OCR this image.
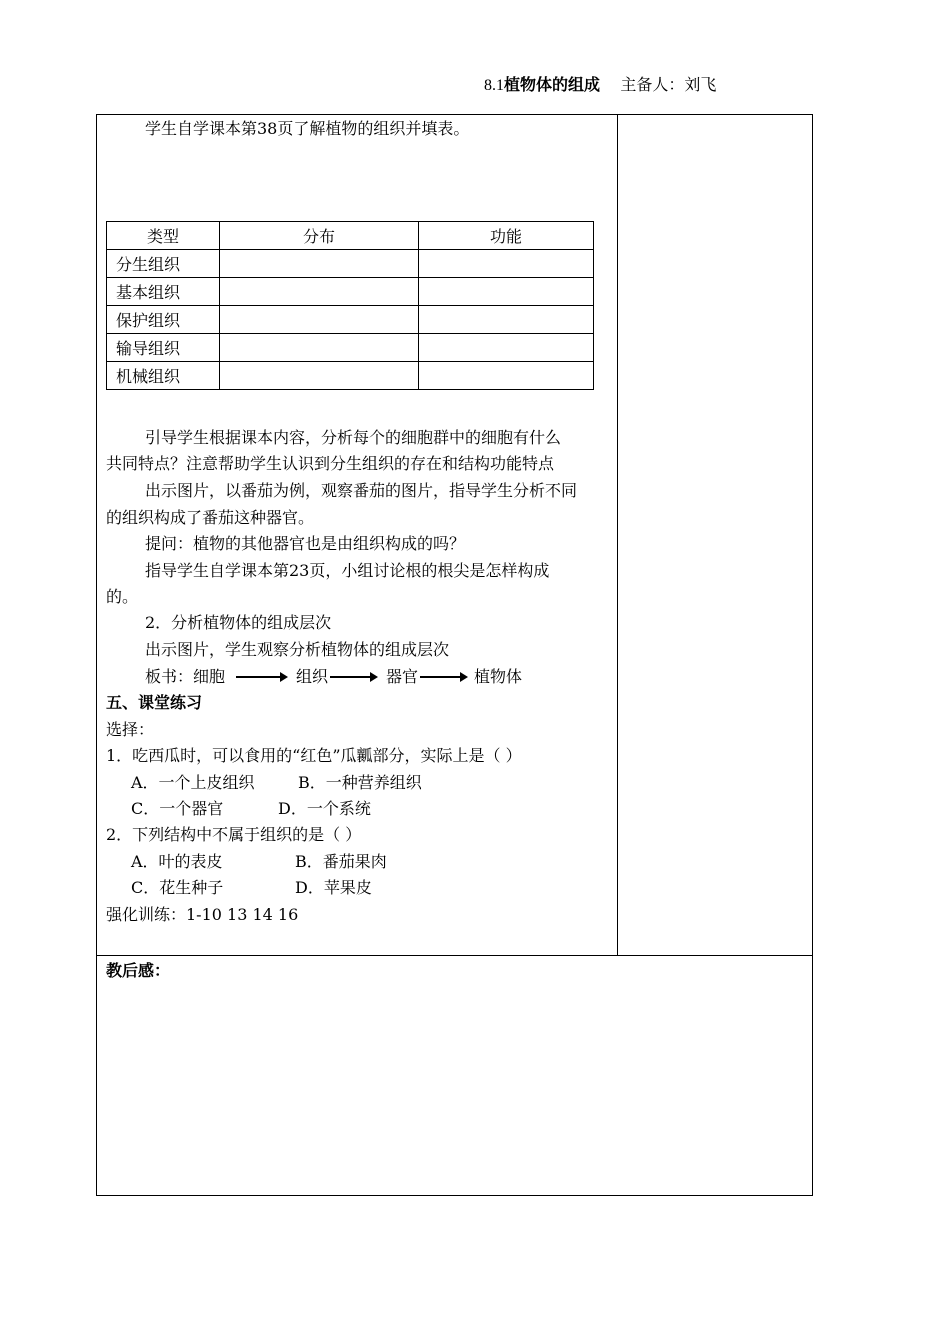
8.1植物体的组成 主备人：刘飞
学生自学课本第38页了解植物的组织并填表。
类型	分布	功能
分生组织		
基本组织		
保护组织		
输导组织		
机械组织		
引导学生根据课本内容，分析每个的细胞群中的细胞有什么
共同特点？注意帮助学生认识到分生组织的存在和结构功能特点
出示图片，以番茄为例，观察番茄的图片，指导学生分析不同
的组织构成了番茄这种器官。
提问：植物的其他器官也是由组织构成的吗？
指导学生自学课本第23页，小组讨论根的根尖是怎样构成
的。
2．分析植物体的组成层次
出示图片，学生观察分析植物体的组成层次
板书：细胞	组织	器官	植物体
五、课堂练习
选择：
1．吃西瓜时，可以食用的“红色”瓜瓤部分，实际上是（ ）
A．一个上皮组织	B．一种营养组织
C．一个器官	D．一个系统
2．下列结构中不属于组织的是（ ）
A．叶的表皮	B．番茄果肉
C．花生种子	D．苹果皮
强化训练：1-10 13 14 16
教后感：
